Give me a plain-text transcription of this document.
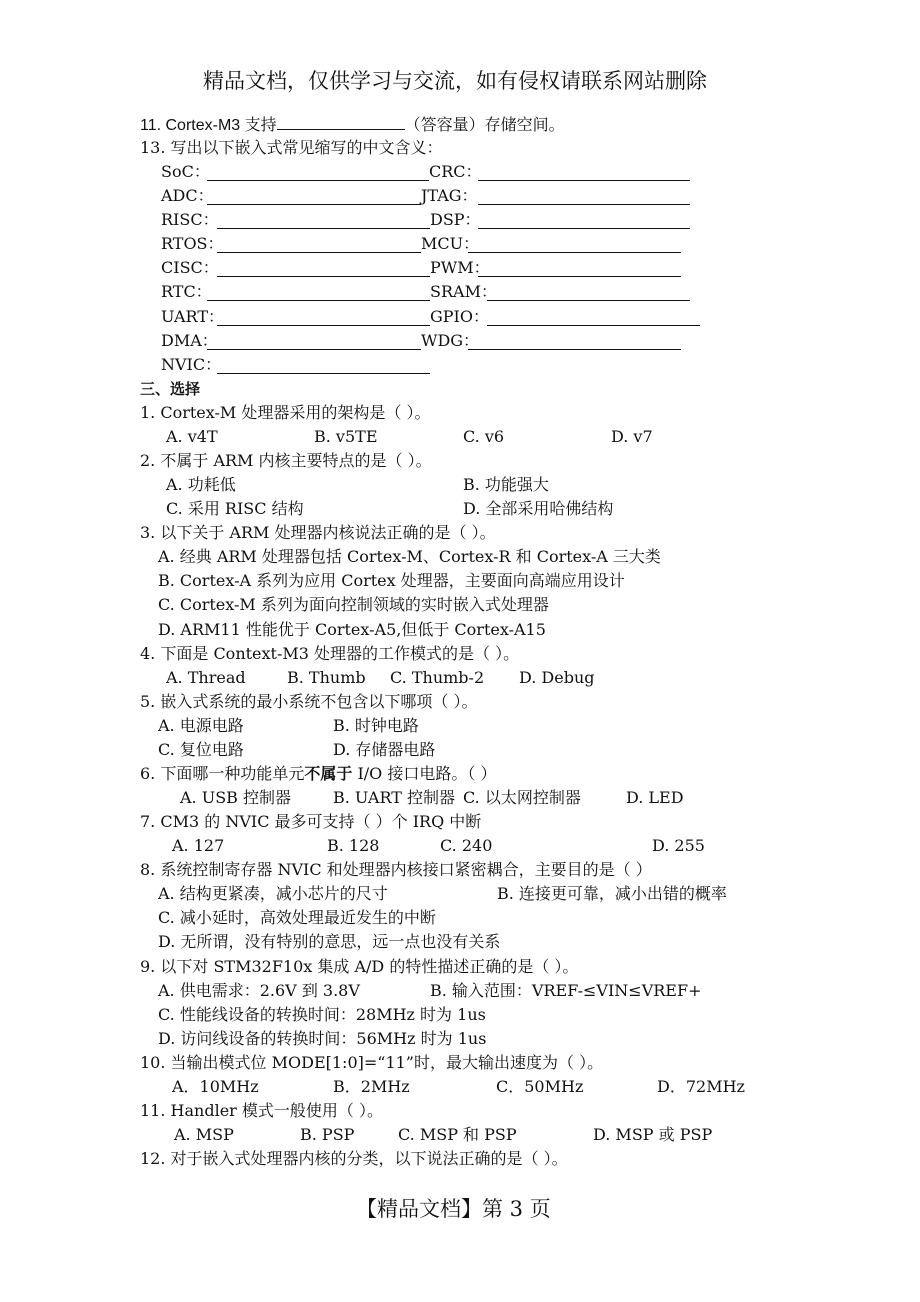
精品文档，仅供学习与交流，如有侵权请联系网站删除
11. Cortex-M3 支持	（答容量）存储空间。
13. 写出以下嵌入式常见缩写的中文含义：
SoC：	CRC：
ADC：	JTAG：
RISC：	DSP：
RTOS：	MCU：
CISC：	PWM：
RTC：	SRAM：
UART：	GPIO：
DMA：	WDG：
NVIC：
三、选择
1. Cortex-M 处理器采用的架构是（ ）。
A. v4T	B. v5TE	C. v6	D. v7
2. 不属于 ARM 内核主要特点的是（ ）。
A. 功耗低	B. 功能强大
C. 采用 RISC 结构	D. 全部采用哈佛结构
3. 以下关于 ARM 处理器内核说法正确的是（ ）。
A. 经典 ARM 处理器包括 Cortex-M、Cortex-R 和 Cortex-A 三大类
B. Cortex-A 系列为应用 Cortex 处理器，主要面向高端应用设计
C. Cortex-M 系列为面向控制领域的实时嵌入式处理器
D. ARM11 性能优于 Cortex-A5,但低于 Cortex-A15
4. 下面是 Context-M3 处理器的工作模式的是（ ）。
A. Thread	B. Thumb C. Thumb-2 D. Debug
5. 嵌入式系统的最小系统不包含以下哪项（ ）。
A. 电源电路	B. 时钟电路
C. 复位电路	D. 存储器电路
6. 下面哪一种功能单元不属于 I/O 接口电路。（ ）
A. USB 控制器	B. UART 控制器 C. 以太网控制器	D. LED
7. CM3 的 NVIC 最多可支持（ ）个 IRQ 中断
A. 127	B. 128	C. 240	D. 255
8. 系统控制寄存器 NVIC 和处理器内核接口紧密耦合，主要目的是（ ）
A. 结构更紧凑，减小芯片的尺寸	B. 连接更可靠，减小出错的概率
C. 减小延时，高效处理最近发生的中断
D. 无所谓，没有特别的意思，远一点也没有关系
9. 以下对 STM32F10x 集成 A/D 的特性描述正确的是（ ）。
A. 供电需求：2.6V 到 3.8V	B. 输入范围：VREF-≤VIN≤VREF+
C. 性能线设备的转换时间：28MHz 时为 1us
D. 访问线设备的转换时间：56MHz 时为 1us
10. 当输出模式位 MODE[1:0]=“11”时，最大输出速度为（ ）。
A．10MHz	B．2MHz	C．50MHz	D．72MHz
11. Handler 模式一般使用（ ）。
A. MSP	B. PSP	C. MSP 和 PSP	D. MSP 或 PSP
12. 对于嵌入式处理器内核的分类，以下说法正确的是（ ）。
【精品文档】第 3 页
